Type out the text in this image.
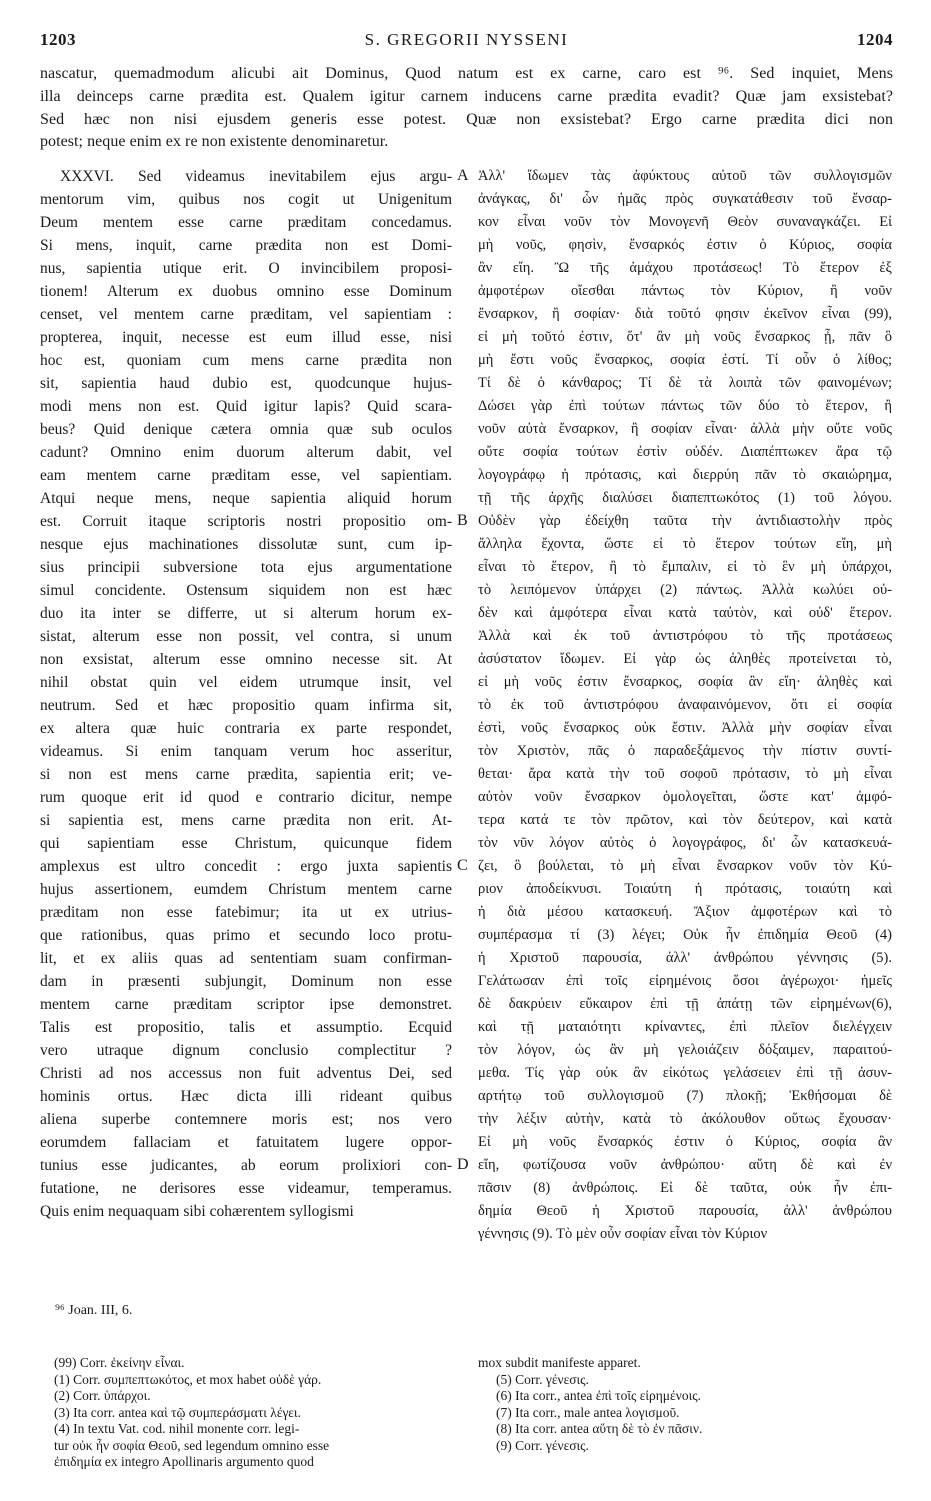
1203	S. GREGORII NYSSENI	1204
nascatur, quemadmodum alicubi ait Dominus, Quod natum est ex carne, caro est ⁹⁶. Sed inquiet, Mens
illa deinceps carne prædita est. Qualem igitur carnem inducens carne prædita evadit? Quæ jam exsistebat?
Sed hæc non nisi ejusdem generis esse potest. Quæ non exsistebat? Ergo carne prædita dici non
potest; neque enim ex re non existente denominaretur.
XXXVI. Sed videamus inevitabilem ejus argu-
mentorum vim, quibus nos cogit ut Unigenitum
Deum mentem esse carne præditam concedamus.
Si mens, inquit, carne prædita non est Domi-
nus, sapientia utique erit. O invincibilem proposi-
tionem! Alterum ex duobus omnino esse Dominum
censet, vel mentem carne præditam, vel sapientiam :
propterea, inquit, necesse est eum illud esse, nisi
hoc est, quoniam cum mens carne prædita non
sit, sapientia haud dubio est, quodcunque hujus-
modi mens non est. Quid igitur lapis? Quid scara-
beus? Quid denique cætera omnia quæ sub oculos
cadunt? Omnino enim duorum alterum dabit, vel
eam mentem carne præditam esse, vel sapientiam.
Atqui neque mens, neque sapientia aliquid horum
est. Corruit itaque scriptoris nostri propositio om-
nesque ejus machinationes dissolutæ sunt, cum ip-
sius principii subversione tota ejus argumentatione
simul concidente. Ostensum siquidem non est hæc
duo ita inter se differre, ut si alterum horum ex-
sistat, alterum esse non possit, vel contra, si unum
non exsistat, alterum esse omnino necesse sit. At
nihil obstat quin vel eidem utrumque insit, vel
neutrum. Sed et hæc propositio quam infirma sit,
ex altera quæ huic contraria ex parte respondet,
videamus. Si enim tanquam verum hoc asseritur,
si non est mens carne prædita, sapientia erit; ve-
rum quoque erit id quod e contrario dicitur, nempe
si sapientia est, mens carne prædita non erit. At-
qui sapientiam esse Christum, quicunque fidem
amplexus est ultro concedit : ergo juxta sapientis
hujus assertionem, eumdem Christum mentem carne
præditam non esse fatebimur; ita ut ex utrius-
que rationibus, quas primo et secundo loco protu-
lit, et ex aliis quas ad sententiam suam confirman-
dam in præsenti subjungit, Dominum non esse
mentem carne præditam scriptor ipse demonstret.
Talis est propositio, talis et assumptio. Ecquid
vero utraque dignum conclusio complectitur ?
Christi ad nos accessus non fuit adventus Dei, sed
hominis ortus. Hæc dicta illi rideant quibus
aliena superbe contemnere moris est; nos vero
eorumdem fallaciam et fatuitatem lugere oppor-
tunius esse judicantes, ab eorum prolixiori con-
futatione, ne derisores esse videamur, temperamus.
Quis enim nequaquam sibi cohærentem syllogismi
A
B
C
D
Ἀλλ' ἴδωμεν τὰς ἀφύκτους αὐτοῦ τῶν συλλογισμῶν
ἀνάγκας, δι' ὧν ἡμᾶς πρὸς συγκατάθεσιν τοῦ ἔνσαρ-
κον εἶναι νοῦν τὸν Μονογενῆ Θεὸν συναναγκάζει. Εἰ
μὴ νοῦς, φησὶν, ἔνσαρκός ἐστιν ὁ Κύριος, σοφία
ἂν εἴη. Ὢ τῆς ἀμάχου προτάσεως! Τὸ ἕτερον ἐξ
ἀμφοτέρων οἴεσθαι πάντως τὸν Κύριον, ἢ νοῦν
ἔνσαρκον, ἢ σοφίαν· διὰ τοῦτό φησιν ἐκεῖνον εἶναι (99),
εἰ μὴ τοῦτό ἐστιν, ὅτ' ἂν μὴ νοῦς ἔνσαρκος ᾖ, πᾶν ὃ
μὴ ἔστι νοῦς ἔνσαρκος, σοφία ἐστί. Τί οὖν ὁ λίθος;
Τί δὲ ὁ κάνθαρος; Τί δὲ τὰ λοιπὰ τῶν φαινομένων;
Δώσει γὰρ ἐπὶ τούτων πάντως τῶν δύο τὸ ἕτερον, ἢ
νοῦν αὐτὰ ἔνσαρκον, ἢ σοφίαν εἶναι· ἀλλὰ μὴν οὔτε νοῦς
οὔτε σοφία τούτων ἐστὶν οὐδέν. Διαπέπτωκεν ἄρα τῷ
λογογράφῳ ἡ πρότασις, καὶ διερρύη πᾶν τὸ σκαιώρημα,
τῇ τῆς ἀρχῆς διαλύσει διαπεπτωκότος (1) τοῦ λόγου.
Οὐδὲν γὰρ ἐδείχθη ταῦτα τὴν ἀντιδιαστολὴν πρὸς
ἄλληλα ἔχοντα, ὥστε εἰ τὸ ἕτερον τούτων εἴη, μὴ
εἶναι τὸ ἕτερον, ἢ τὸ ἔμπαλιν, εἰ τὸ ἓν μὴ ὑπάρχοι,
τὸ λειπόμενον ὑπάρχει (2) πάντως. Ἀλλὰ κωλύει οὐ-
δὲν καὶ ἀμφότερα εἶναι κατὰ ταὐτὸν, καὶ οὐδ' ἕτερον.
Ἀλλὰ καὶ ἐκ τοῦ ἀντιστρόφου τὸ τῆς προτάσεως
ἀσύστατον ἴδωμεν. Εἰ γὰρ ὡς ἀληθὲς προτείνεται τὸ,
εἰ μὴ νοῦς ἐστιν ἔνσαρκος, σοφία ἂν εἴη· ἀληθὲς καὶ
τὸ ἐκ τοῦ ἀντιστρόφου ἀναφαινόμενον, ὅτι εἰ σοφία
ἐστὶ, νοῦς ἔνσαρκος οὐκ ἔστιν. Ἀλλὰ μὴν σοφίαν εἶναι
τὸν Χριστὸν, πᾶς ὁ παραδεξάμενος τὴν πίστιν συντί-
θεται· ἄρα κατὰ τὴν τοῦ σοφοῦ πρότασιν, τὸ μὴ εἶναι
αὐτὸν νοῦν ἔνσαρκον ὁμολογεῖται, ὥστε κατ' ἀμφό-
τερα κατά τε τὸν πρῶτον, καὶ τὸν δεύτερον, καὶ κατὰ
τὸν νῦν λόγον αὐτὸς ὁ λογογράφος, δι' ὧν κατασκευά-
ζει, ὃ βούλεται, τὸ μὴ εἶναι ἔνσαρκον νοῦν τὸν Κύ-
ριον ἀποδείκνυσι. Τοιαύτη ἡ πρότασις, τοιαύτη καὶ
ἡ διὰ μέσου κατασκευή. Ἄξιον ἀμφοτέρων καὶ τὸ
συμπέρασμα τί (3) λέγει; Οὐκ ἦν ἐπιδημία Θεοῦ (4)
ἡ Χριστοῦ παρουσία, ἀλλ' ἀνθρώπου γέννησις (5).
Γελάτωσαν ἐπὶ τοῖς εἰρημένοις ὅσοι ἀγέρωχοι· ἡμεῖς
δὲ δακρύειν εὔκαιρον ἐπὶ τῇ ἀπάτῃ τῶν εἰρημένων(6),
καὶ τῇ ματαιότητι κρίναντες, ἐπὶ πλεῖον διελέγχειν
τὸν λόγον, ὡς ἂν μὴ γελοιάζειν δόξαιμεν, παραιτού-
μεθα. Τίς γὰρ οὐκ ἂν εἰκότως γελάσειεν ἐπὶ τῇ ἀσυν-
αρτήτῳ τοῦ συλλογισμοῦ (7) πλοκῇ; Ἐκθήσομαι δὲ
τὴν λέξιν αὐτὴν, κατὰ τὸ ἀκόλουθον οὕτως ἔχουσαν·
Εἰ μὴ νοῦς ἔνσαρκός ἐστιν ὁ Κύριος, σοφία ἂν
εἴη, φωτίζουσα νοῦν ἀνθρώπου· αὕτη δὲ καὶ ἐν
πᾶσιν (8) ἀνθρώποις. Εἰ δὲ ταῦτα, οὐκ ἦν ἐπι-
δημία Θεοῦ ἡ Χριστοῦ παρουσία, ἀλλ' ἀνθρώπου
γέννησις (9). Τὸ μὲν οὖν σοφίαν εἶναι τὸν Κύριον
⁹⁶ Joan. III, 6.
(99) Corr. ἐκείνην εἶναι.
(1) Corr. συμπεπτωκότος, et mox habet οὐδὲ γάρ.
(2) Corr. ὑπάρχοι.
(3) Ita corr. antea καὶ τῷ συμπεράσματι λέγει.
(4) In textu Vat. cod. nihil monente corr. legi-
tur οὐκ ἦν σοφία Θεοῦ, sed legendum omnino esse
ἐπιδημία ex integro Apollinaris argumento quod
mox subdit manifeste apparet.
(5) Corr. γένεσις.
(6) Ita corr., antea ἐπὶ τοῖς εἰρημένοις.
(7) Ita corr., male antea λογισμοῦ.
(8) Ita corr. antea αὕτη δὲ τὸ ἐν πᾶσιν.
(9) Corr. γένεσις.
